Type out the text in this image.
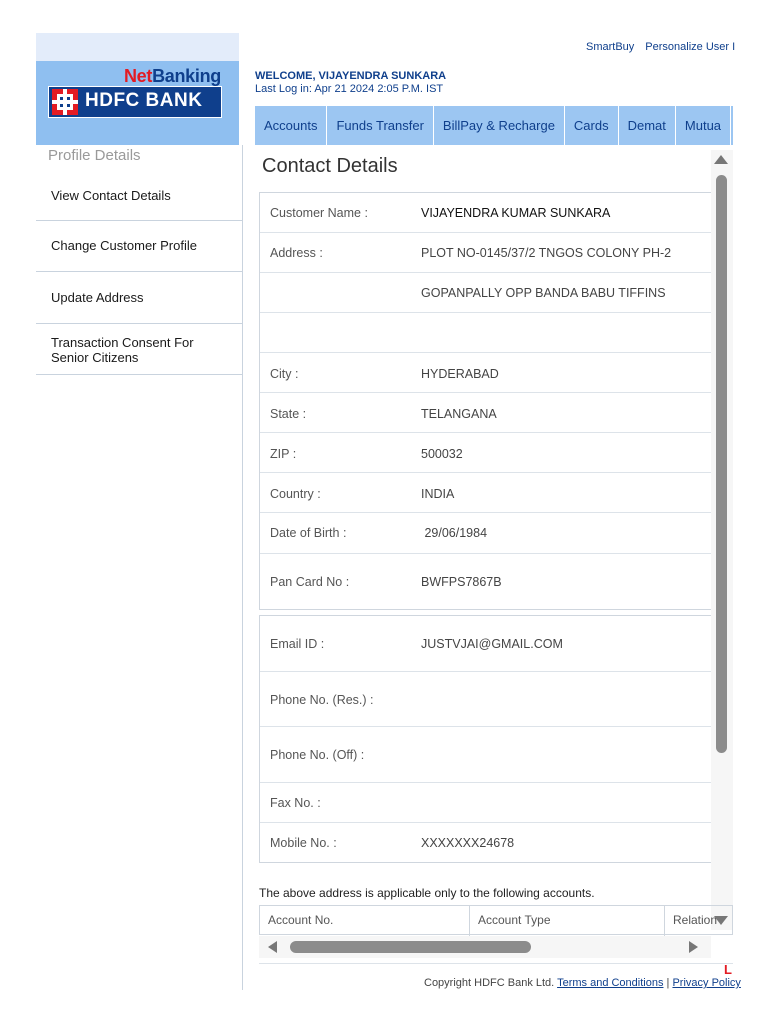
NetBanking
HDFC BANK
SmartBuy Personalize User I
WELCOME, VIJAYENDRA SUNKARA
Last Log in: Apr 21 2024 2:05 P.M. IST
Accounts	Funds Transfer	BillPay & Recharge	Cards	Demat	Mutua
Profile Details
View Contact Details
Change Customer Profile
Update Address
Transaction Consent For Senior Citizens
Contact Details
Customer Name :	VIJAYENDRA KUMAR SUNKARA
Address :	PLOT NO-0145/37/2 TNGOS COLONY PH-2
GOPANPALLY OPP BANDA BABU TIFFINS
City :	HYDERABAD
State :	TELANGANA
ZIP :	500032
Country :	INDIA
Date of Birth :	29/06/1984
Pan Card No :	BWFPS7867B
Email ID :	JUSTVJAI@GMAIL.COM
Phone No. (Res.) :
Phone No. (Off) :
Fax No. :
Mobile No. :	XXXXXXX24678
The above address is applicable only to the following accounts.
Account No.	Account Type	Relation
L
Copyright HDFC Bank Ltd. Terms and Conditions | Privacy Policy
